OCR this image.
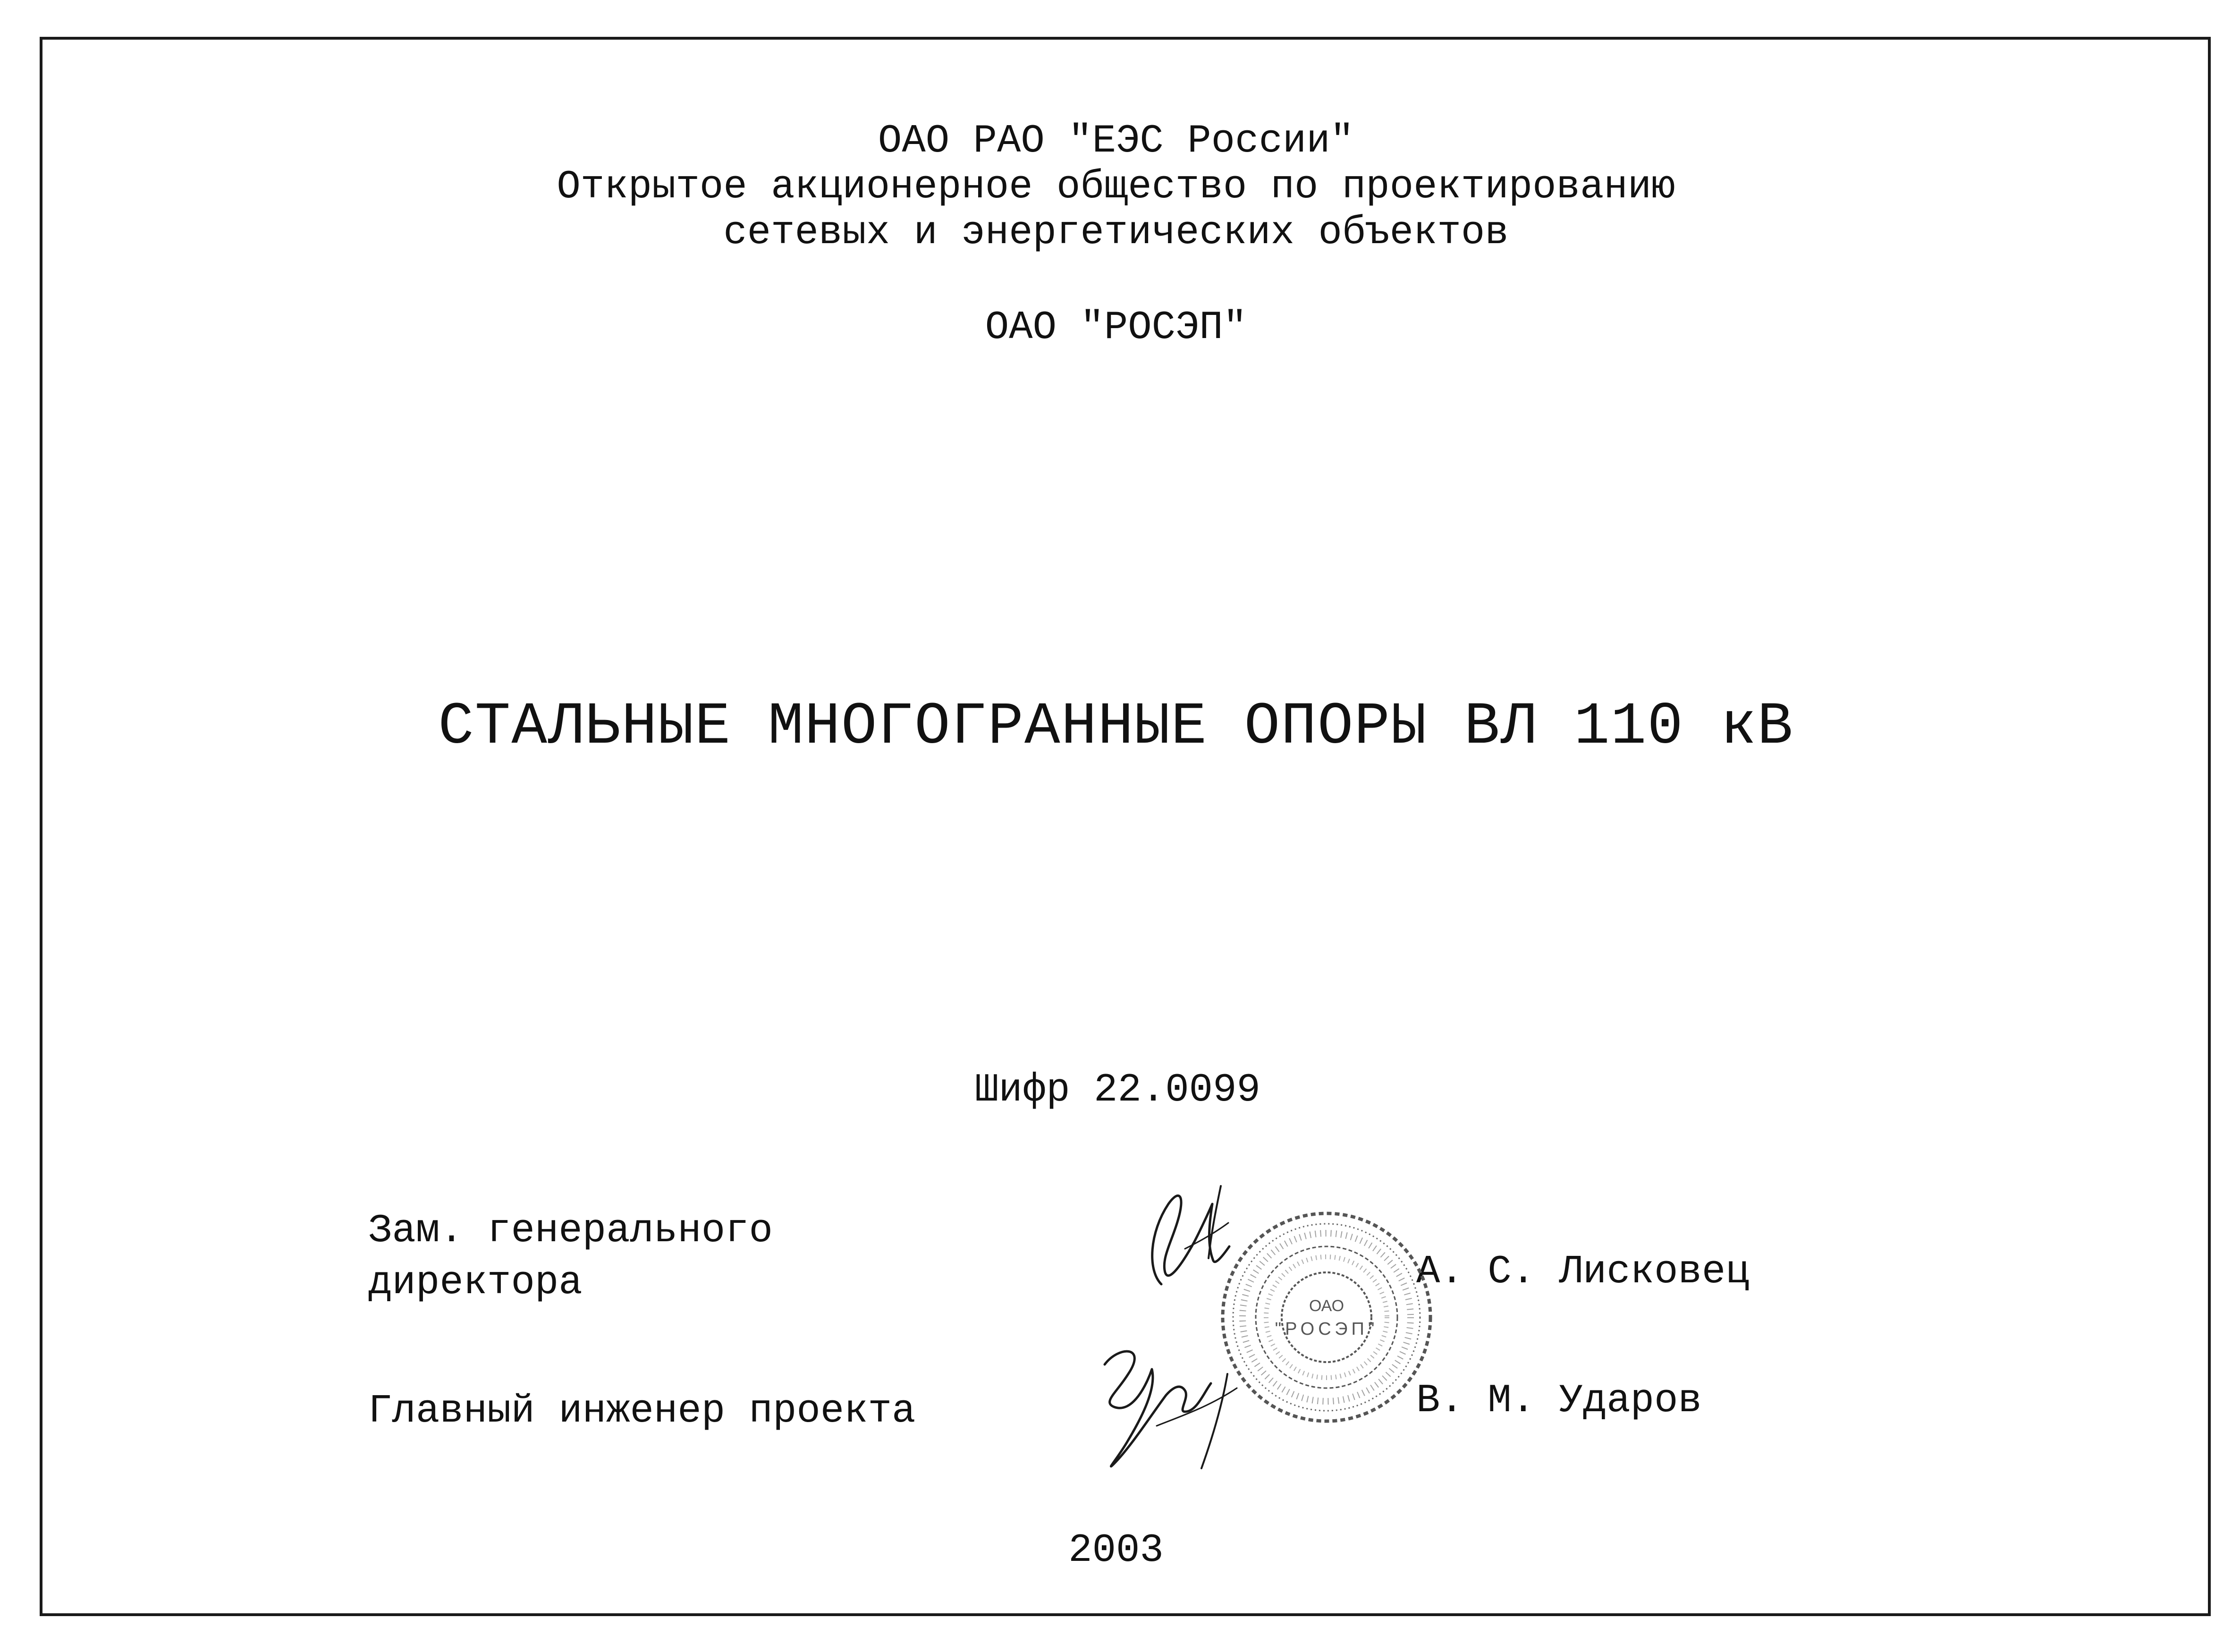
ОАО РАО "ЕЭС России"
Открытое акционерное общество по проектированию
сетевых и энергетических объектов
ОАО "РОСЭП"
СТАЛЬНЫЕ МНОГОГРАННЫЕ ОПОРЫ ВЛ 110 кВ
Шифр 22.0099
Зам. генерального
директора	А. С. Лисковец
Главный инженер проекта	В. М. Ударов
2003
ОАО
"РОСЭП"
